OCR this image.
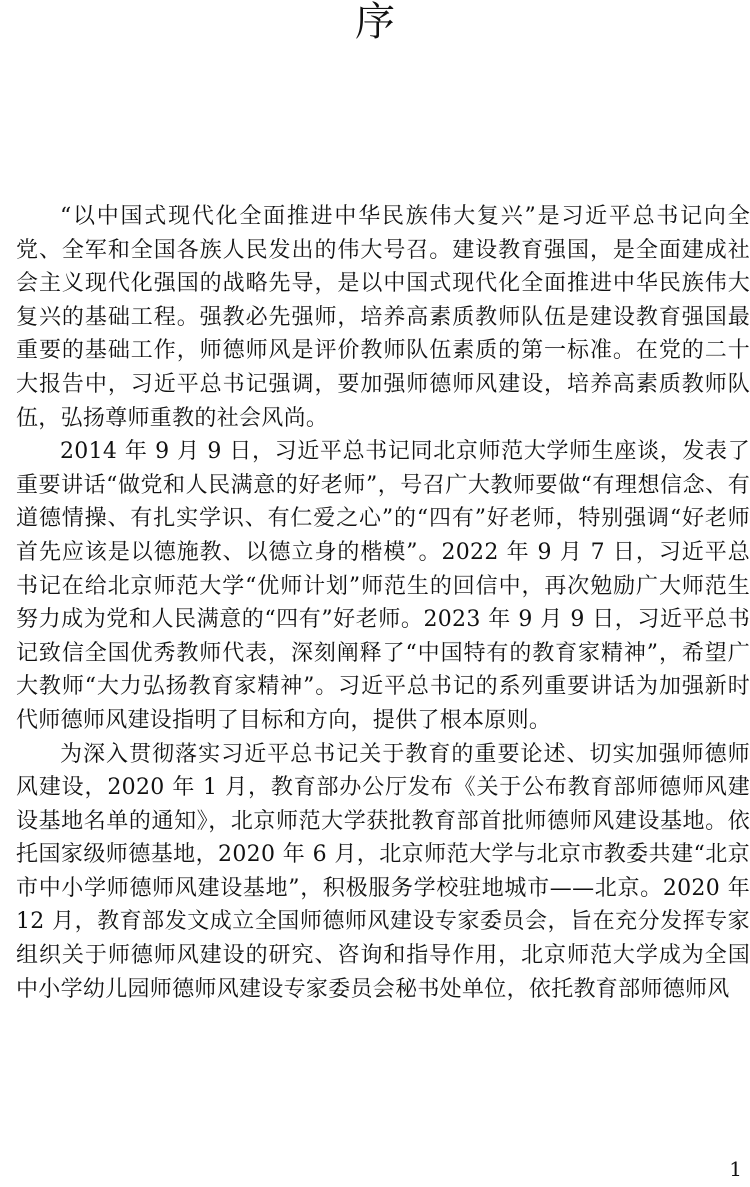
序

“以中国式现代化全面推进中华民族伟大复兴”是习近平总书记向全党、全军和全国各族人民发出的伟大号召。建设教育强国，是全面建成社会主义现代化强国的战略先导，是以中国式现代化全面推进中华民族伟大复兴的基础工程。强教必先强师，培养高素质教师队伍是建设教育强国最重要的基础工作，师德师风是评价教师队伍素质的第一标准。在党的二十大报告中，习近平总书记强调，要加强师德师风建设，培养高素质教师队伍，弘扬尊师重教的社会风尚。

2014 年 9 月 9 日，习近平总书记同北京师范大学师生座谈，发表了重要讲话“做党和人民满意的好老师”，号召广大教师要做“有理想信念、有道德情操、有扎实学识、有仁爱之心”的“四有”好老师，特别强调“好老师首先应该是以德施教、以德立身的楷模”。2022 年 9 月 7 日，习近平总书记在给北京师范大学“优师计划”师范生的回信中，再次勉励广大师范生努力成为党和人民满意的“四有”好老师。2023 年 9 月 9 日，习近平总书记致信全国优秀教师代表，深刻阐释了“中国特有的教育家精神”，希望广大教师“大力弘扬教育家精神”。习近平总书记的系列重要讲话为加强新时代师德师风建设指明了目标和方向，提供了根本原则。

为深入贯彻落实习近平总书记关于教育的重要论述、切实加强师德师风建设，2020 年 1 月，教育部办公厅发布《关于公布教育部师德师风建设基地名单的通知》，北京师范大学获批教育部首批师德师风建设基地。依托国家级师德基地，2020 年 6 月，北京师范大学与北京市教委共建“北京市中小学师德师风建设基地”，积极服务学校驻地城市——北京。2020 年 12 月，教育部发文成立全国师德师风建设专家委员会，旨在充分发挥专家组织关于师德师风建设的研究、咨询和指导作用，北京师范大学成为全国中小学幼儿园师德师风建设专家委员会秘书处单位，依托教育部师德师风

1
